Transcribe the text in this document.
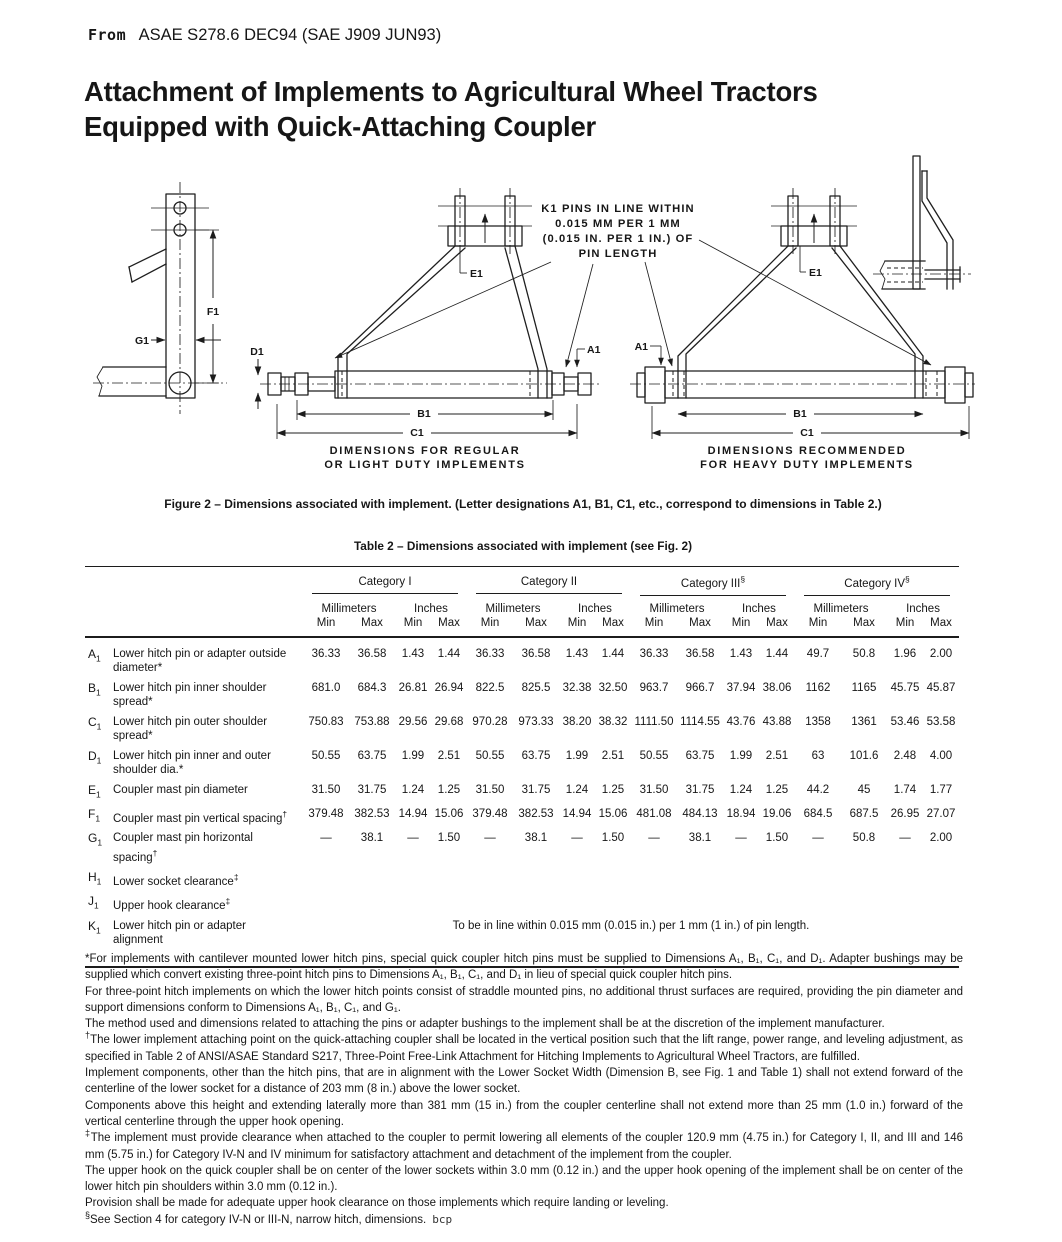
From ASAE S278.6 DEC94 (SAE J909 JUN93)
Attachment of Implements to Agricultural Wheel Tractors
Equipped with Quick-Attaching Coupler
F1
G1
K1 PINS IN LINE WITHIN
0.015 MM PER 1 MM
(0.015 IN. PER 1 IN.) OF
PIN LENGTH
E1
D1	A1
B1
C1
DIMENSIONS FOR REGULAR
OR LIGHT DUTY IMPLEMENTS
E1
A1
B1
C1
DIMENSIONS RECOMMENDED
FOR HEAVY DUTY IMPLEMENTS
Figure 2 – Dimensions associated with implement. (Letter designations A1, B1, C1, etc., correspond to dimensions in Table 2.)
Table 2 – Dimensions associated with implement (see Fig. 2)

		Category I				Category II				Category III§				Category IV§

		Millimeters		Inches		Millimeters		Inches		Millimeters		Inches		Millimeters		Inches	
		Min	Max	Min	Max	Min	Max	Min	Max	Min	Max	Min	Max	Min	Max	Min	Max
$A_1$	Lower hitch pin or adapter outside diameter*	36.33	36.58	1.43	1.44	36.33	36.58	1.43	1.44	36.33	36.58	1.43	1.44	49.7	50.8	1.96	2.00
$B_1$	Lower hitch pin inner shoulder spread*	681.0	684.3	26.81	26.94	822.5	825.5	32.38	32.50	963.7	966.7	37.94	38.06	1162	1165	45.75	45.87
$C_1$	Lower hitch pin outer shoulder spread*	750.83	753.88	29.56	29.68	970.28	973.33	38.20	38.32	1111.50	1114.55	43.76	43.88	1358	1361	53.46	53.58
$D_1$	Lower hitch pin inner and outer shoulder dia.*	50.55	63.75	1.99	2.51	50.55	63.75	1.99	2.51	50.55	63.75	1.99	2.51	63	101.6	2.48	4.00
$E_1$	Coupler mast pin diameter	31.50	31.75	1.24	1.25	31.50	31.75	1.24	1.25	31.50	31.75	1.24	1.25	44.2	45	1.74	1.77
$F_1$	Coupler mast pin vertical spacing†	379.48	382.53	14.94	15.06	379.48	382.53	14.94	15.06	481.08	484.13	18.94	19.06	684.5	687.5	26.95	27.07
$G_1$	Coupler mast pin horizontal spacing†	—	38.1	—	1.50	—	38.1	—	1.50	—	38.1	—	1.50	—	50.8	—	2.00
$H_1$	Lower socket clearance‡	
$J_1$	Upper hook clearance‡	
$K_1$	Lower hitch pin or adapter alignment	To be in line within 0.015 mm (0.015 in.) per 1 mm (1 in.) of pin length.															

*For implements with cantilever mounted lower hitch pins, special quick coupler hitch pins must be supplied to Dimensions A₁, B₁, C₁, and D₁. Adapter bushings may be supplied which convert existing three-point hitch pins to Dimensions A₁, B₁, C₁, and D₁ in lieu of special quick coupler hitch pins.

For three-point hitch implements on which the lower hitch points consist of straddle mounted pins, no additional thrust surfaces are required, providing the pin diameter and support dimensions conform to Dimensions A₁, B₁, C₁, and G₁.

The method used and dimensions related to attaching the pins or adapter bushings to the implement shall be at the discretion of the implement manufacturer.

†The lower implement attaching point on the quick-attaching coupler shall be located in the vertical position such that the lift range, power range, and leveling adjustment, as specified in Table 2 of ANSI/ASAE Standard S217, Three-Point Free-Link Attachment for Hitching Implements to Agricultural Wheel Tractors, are fulfilled.

Implement components, other than the hitch pins, that are in alignment with the Lower Socket Width (Dimension B, see Fig. 1 and Table 1) shall not extend forward of the centerline of the lower socket for a distance of 203 mm (8 in.) above the lower socket.

Components above this height and extending laterally more than 381 mm (15 in.) from the coupler centerline shall not extend more than 25 mm (1.0 in.) forward of the vertical centerline through the upper hook opening.

‡The implement must provide clearance when attached to the coupler to permit lowering all elements of the coupler 120.9 mm (4.75 in.) for Category I, II, and III and 146 mm (5.75 in.) for Category IV-N and IV minimum for satisfactory attachment and detachment of the implement from the coupler.

The upper hook on the quick coupler shall be on center of the lower sockets within 3.0 mm (0.12 in.) and the upper hook opening of the implement shall be on center of the lower hitch pin shoulders within 3.0 mm (0.12 in.).

Provision shall be made for adequate upper hook clearance on those implements which require landing or leveling.

§See Section 4 for category IV-N or III-N, narrow hitch, dimensions. bcp
